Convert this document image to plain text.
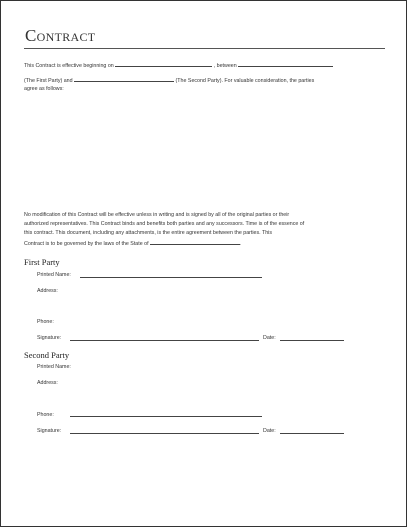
Contract
This Contract is effective beginning on	, between
(The First Party) and	(The Second Party). For valuable consideration, the parties
agree as follows:
No modification of this Contract will be effective unless in writing and is signed by all of the original parties or their
authorized representatives. This Contract binds and benefits both parties and any successors. Time is of the essence of
this contract. This document, including any attachments, is the entire agreement between the parties. This
Contract is to be governed by the laws of the State of	.
First Party
Printed Name:
Address:
Phone:
Signature:	Date:
Second Party
Printed Name:
Address:
Phone:
Signature:	Date:
